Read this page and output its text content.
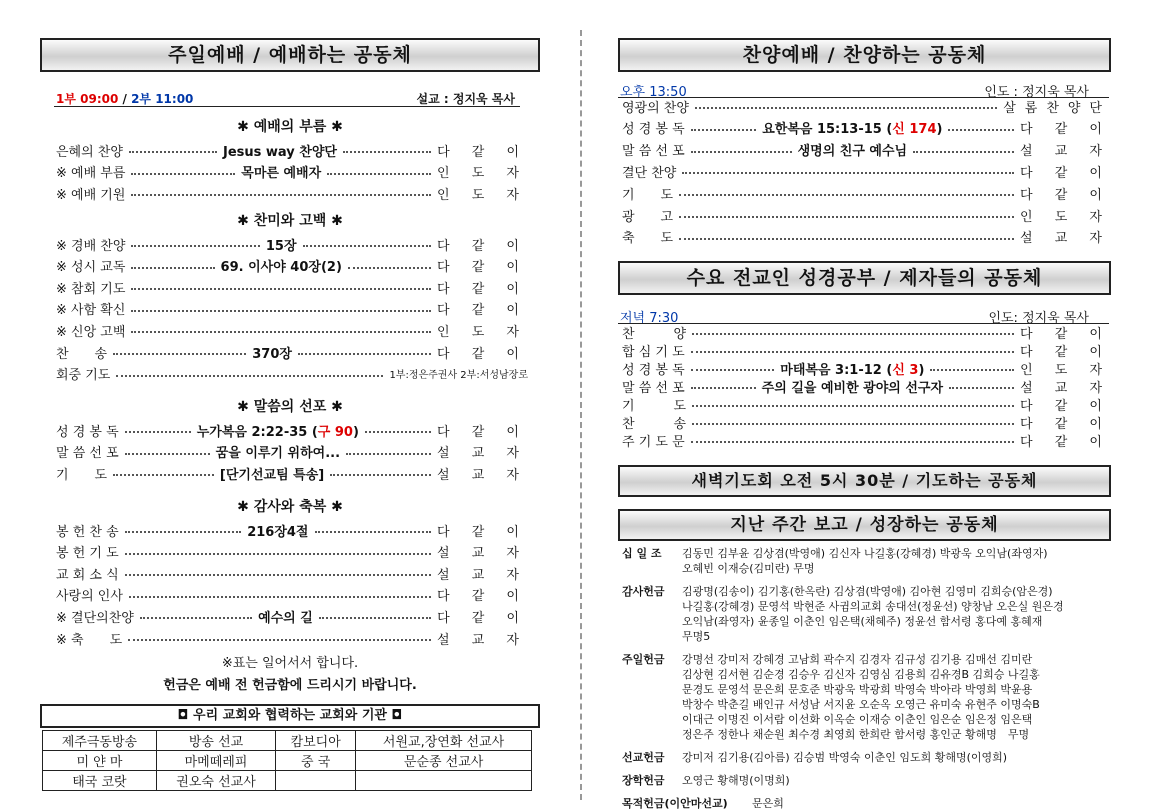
주일예배 / 예배하는 공동체
1부 09:00 / 2부 11:00	설교 : 정지욱 목사
✱ 예배의 부름 ✱
은혜의 찬양	Jesus way 찬양단	다 같 이
※ 예배 부름	목마른 예배자	인 도 자
※ 예배 기원	인 도 자
✱ 찬미와 고백 ✱
※ 경배 찬양	15장	다 같 이
※ 성시 교독	69. 이사야 40장(2)	다 같 이
※ 참회 기도	다 같 이
※ 사함 확신	다 같 이
※ 신앙 고백	인 도 자
찬　　송	370장	다 같 이
회중 기도	1부:정은주권사 2부:서성남장로
✱ 말씀의 선포 ✱
성 경 봉 독	누가복음 2:22-35 (구 90)	다 같 이
말 씀 선 포	꿈을 이루기 위하여...	설 교 자
기　　도	[단기선교팀 특송]	설 교 자
✱ 감사와 축복 ✱
봉 헌 찬 송	216장4절	다 같 이
봉 헌 기 도	설 교 자
교 회 소 식	설 교 자
사랑의 인사	다 같 이
※ 결단의찬양	예수의 길	다 같 이
※ 축　　도	설 교 자
※표는 일어서서 합니다.
헌금은 예배 전 헌금함에 드리시기 바랍니다.
◘ 우리 교회와 협력하는 교회와 기관 ◘
제주극동방송	방송 선교	캄보디아	서원교,장연화 선교사
미 얀 마	마메떼레피	중 국	문순종 선교사
태국 코랏	권오숙 선교사		
찬양예배 / 찬양하는 공동체
오후 13:50	인도 : 정지욱 목사
영광의 찬양	살롬찬양단
성 경 봉 독	요한복음 15:13-15 (신 174)	다 같 이
말 씀 선 포	생명의 친구 예수님	설 교 자
결단 찬양	다 같 이
기　　도	다 같 이
광　　고	인 도 자
축　　도	설 교 자
수요 전교인 성경공부 / 제자들의 공동체
저녁 7:30	인도: 정지욱 목사
찬　　　양	다 같 이
합 심 기 도	다 같 이
성 경 봉 독	마태복음 3:1-12 (신 3)	인 도 자
말 씀 선 포	주의 길을 예비한 광야의 선구자	설 교 자
기　　　도	다 같 이
찬　　　송	다 같 이
주 기 도 문	다 같 이
새벽기도회 오전 5시 30분 / 기도하는 공동체
지난 주간 보고 / 성장하는 공동체
십 일 조 김동민 김부윤 김상겸(박영애) 김신자 나길홍(강혜경) 박광욱 오익남(좌영자)
오혜빈 이재승(김미란) 무명
감사헌금 김광명(김송이) 김기홍(한옥란) 김상겸(박영애) 김아현 김영미 김희승(암은경)
나길홍(강혜경) 문영석 박현준 사귐의교회 송대선(정윤선) 양창남 오은실 원은경
오익남(좌영자) 윤종일 이춘인 임은택(채혜주) 정윤선 함서령 홍다예 홍혜재
무명5
주일헌금 강명선 강미저 강혜경 고남희 곽수지 김경자 김규성 김기용 김매선 김미란
김상현 김서현 김순경 김승우 김신자 김영심 김용희 김유경B 김희승 나길홍
문경도 문영석 문은희 문호준 박광욱 박광희 박영숙 박아라 박영희 박윤용
박창수 박춘길 배인규 서성남 서지윤 오순옥 오영근 유미숙 유현주 이명숙B
이대근 이명진 이서람 이선화 이옥순 이재승 이춘인 임은순 임은정 임은택
정은주 정한나 채순원 최수경 최영희 한희란 함서령 홍인군 황해명　무명
선교헌금 강미저 김기용(김아름) 김승범 박영숙 이춘인 임도희 황해명(이영희)
장학헌금 오영근 황해명(이명희)
목적헌금(이안마선교) 문은희
